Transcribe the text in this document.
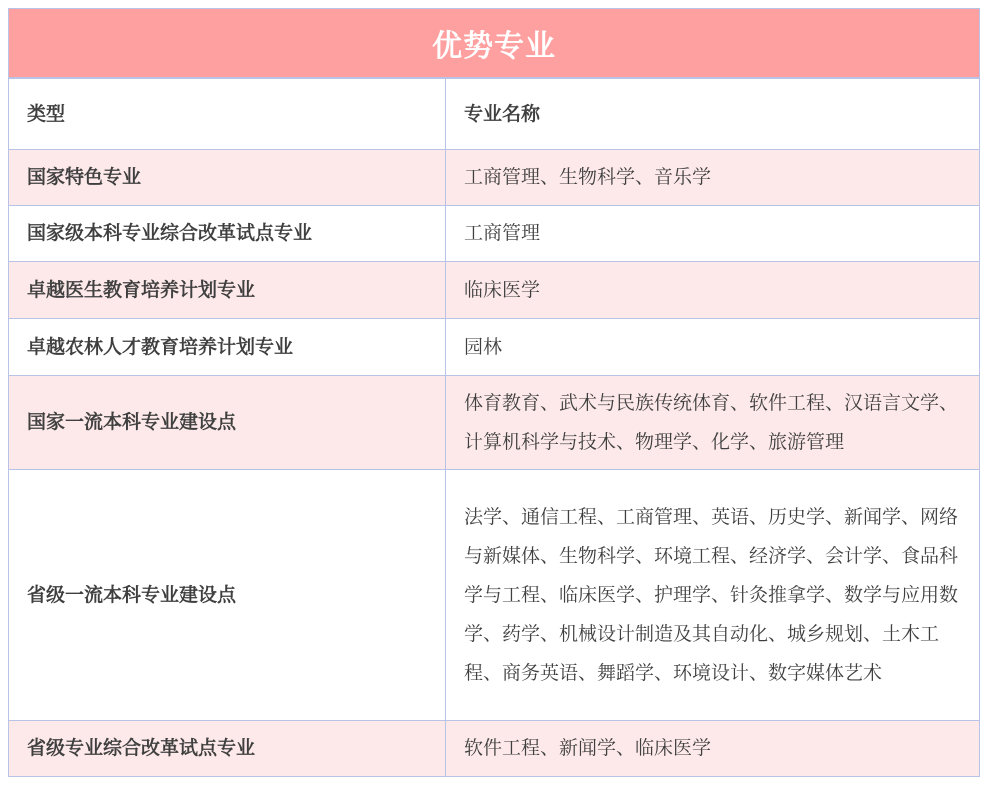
优势专业
类型	专业名称
国家特色专业	工商管理、生物科学、音乐学
国家级本科专业综合改革试点专业	工商管理
卓越医生教育培养计划专业	临床医学
卓越农林人才教育培养计划专业	园林
国家一流本科专业建设点	体育教育、武术与民族传统体育、软件工程、汉语言文学、计算机科学与技术、物理学、化学、旅游管理
省级一流本科专业建设点	法学、通信工程、工商管理、英语、历史学、新闻学、网络与新媒体、生物科学、环境工程、经济学、会计学、食品科学与工程、临床医学、护理学、针灸推拿学、数学与应用数学、药学、机械设计制造及其自动化、城乡规划、土木工程、商务英语、舞蹈学、环境设计、数字媒体艺术
省级专业综合改革试点专业	软件工程、新闻学、临床医学
